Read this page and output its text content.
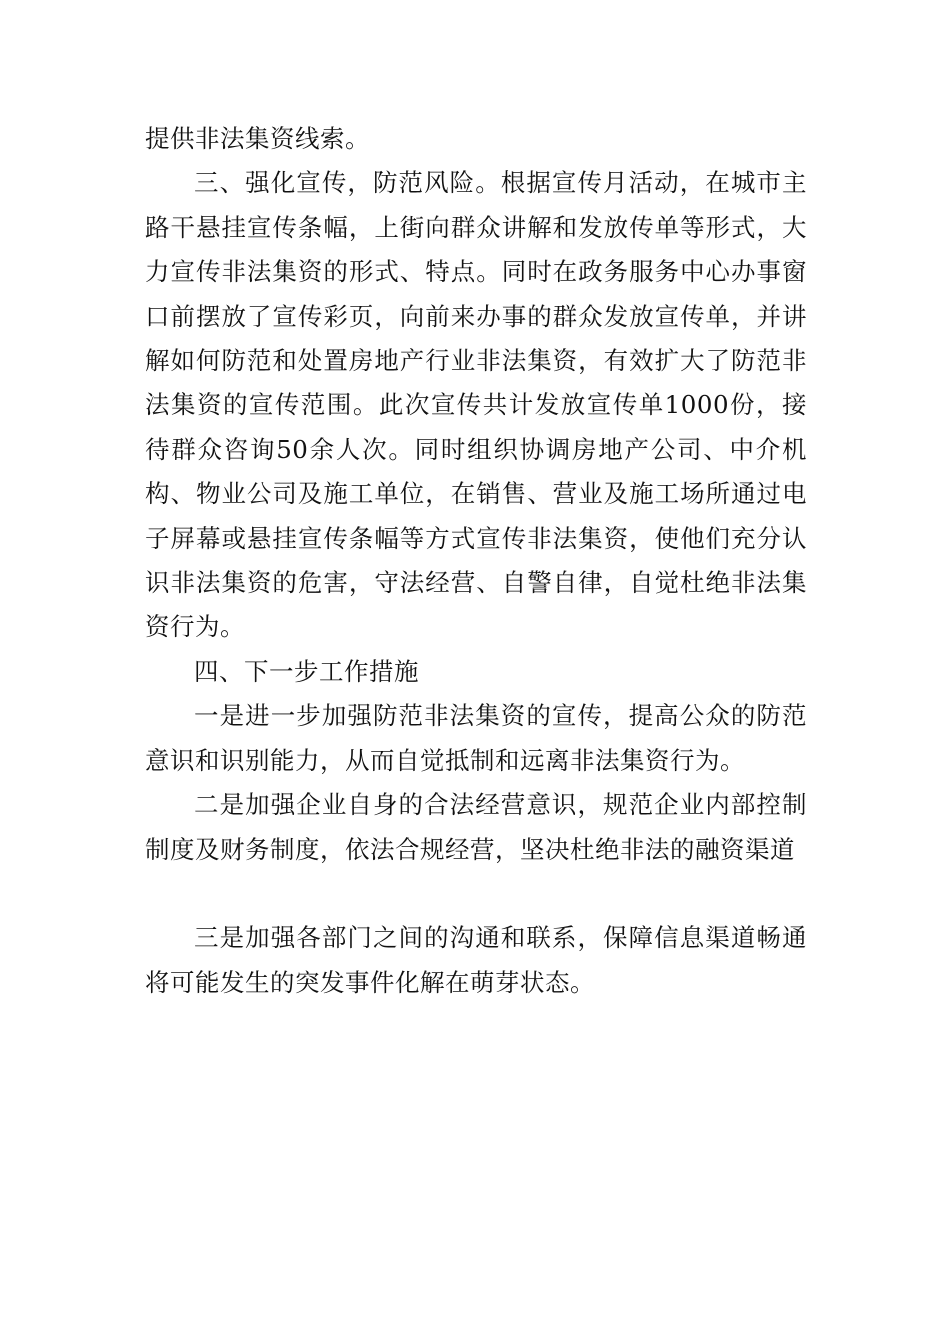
提供非法集资线索。

三、强化宣传，防范风险。根据宣传月活动，在城市主路干悬挂宣传条幅，上街向群众讲解和发放传单等形式，大力宣传非法集资的形式、特点。同时在政务服务中心办事窗口前摆放了宣传彩页，向前来办事的群众发放宣传单，并讲解如何防范和处置房地产行业非法集资，有效扩大了防范非法集资的宣传范围。此次宣传共计发放宣传单1000份，接待群众咨询50余人次。同时组织协调房地产公司、中介机构、物业公司及施工单位，在销售、营业及施工场所通过电子屏幕或悬挂宣传条幅等方式宣传非法集资，使他们充分认识非法集资的危害，守法经营、自警自律，自觉杜绝非法集资行为。

四、下一步工作措施

一是进一步加强防范非法集资的宣传，提高公众的防范意识和识别能力，从而自觉抵制和远离非法集资行为。

二是加强企业自身的合法经营意识，规范企业内部控制制度及财务制度，依法合规经营，坚决杜绝非法的融资渠道

三是加强各部门之间的沟通和联系，保障信息渠道畅通将可能发生的突发事件化解在萌芽状态。
